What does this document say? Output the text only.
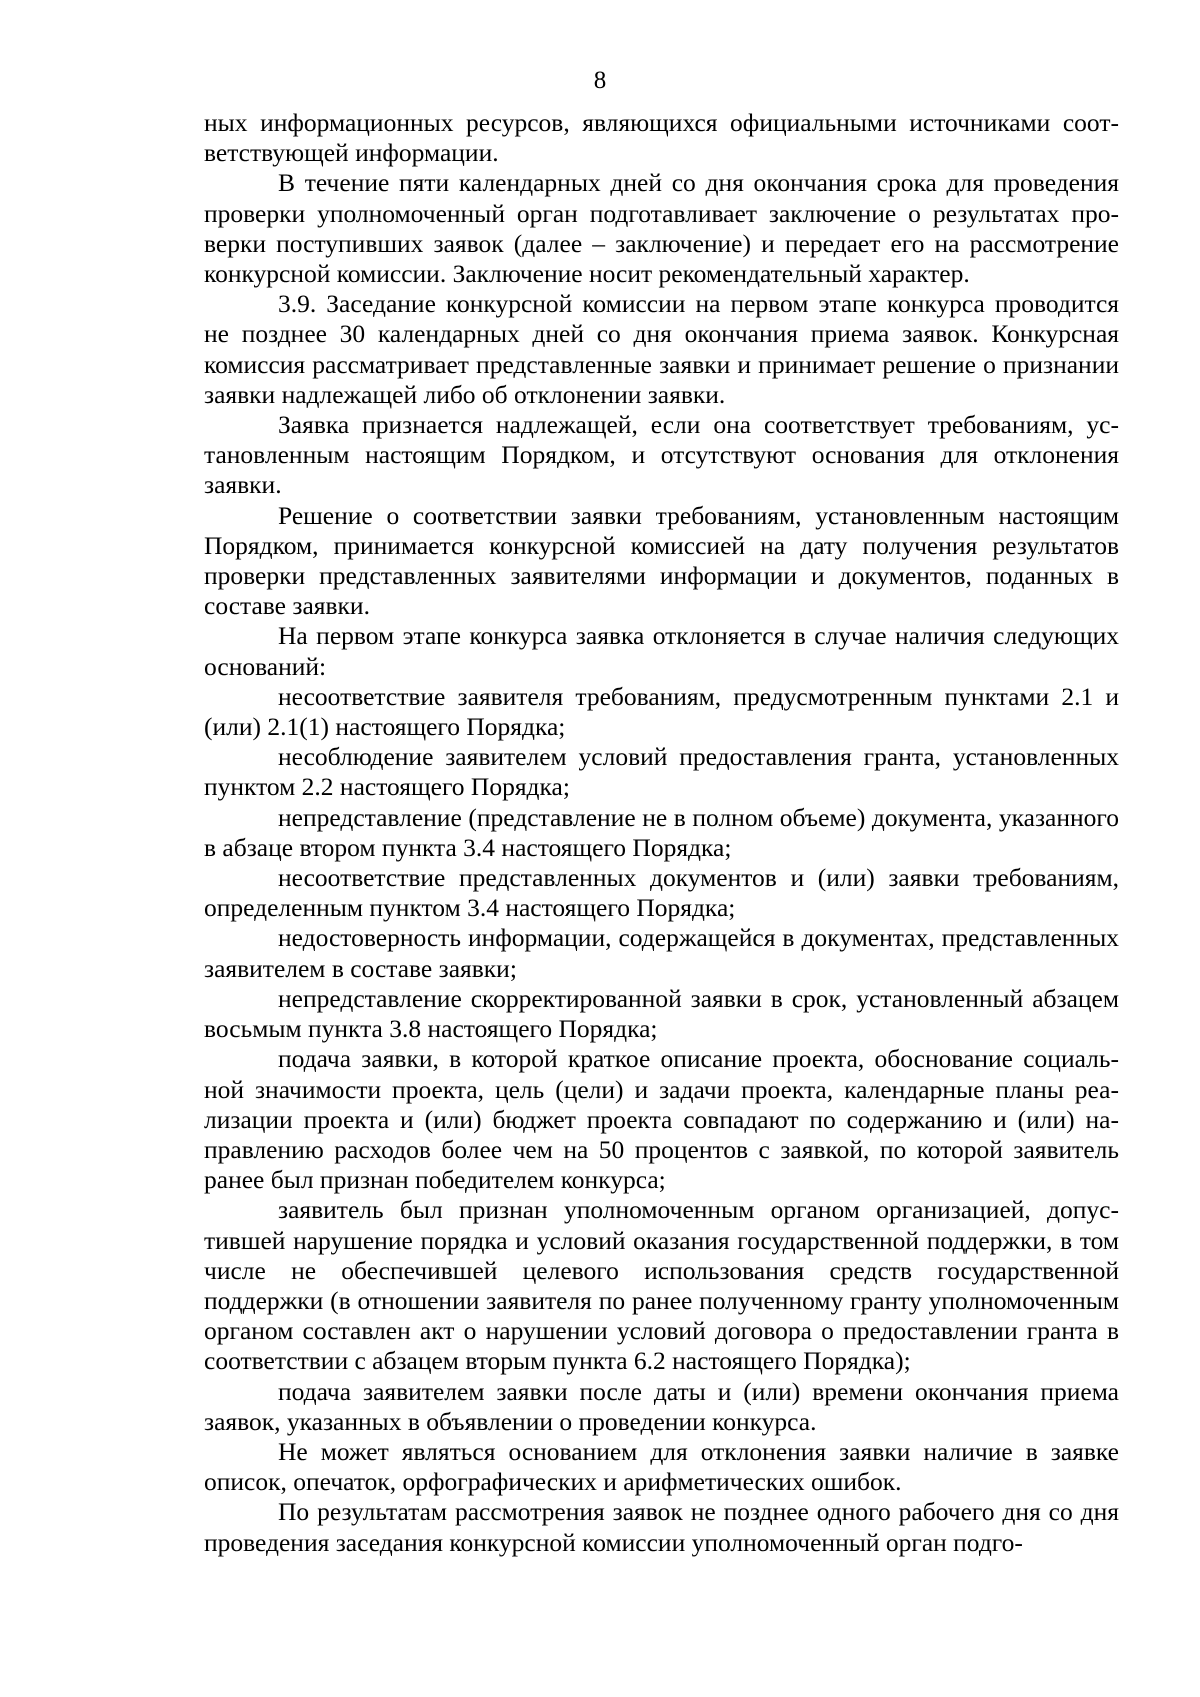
8

ных информационных ресурсов, являющихся официальными источниками соответствующей информации.

В течение пяти календарных дней со дня окончания срока для проведения проверки уполномоченный орган подготавливает заключение о результатах проверки поступивших заявок (далее – заключение) и передает его на рассмотрение конкурсной комиссии. Заключение носит рекомендательный характер.

3.9. Заседание конкурсной комиссии на первом этапе конкурса проводится не позднее 30 календарных дней со дня окончания приема заявок. Конкурсная комиссия рассматривает представленные заявки и принимает решение о признании заявки надлежащей либо об отклонении заявки.

Заявка признается надлежащей, если она соответствует требованиям, установленным настоящим Порядком, и отсутствуют основания для отклонения заявки.

Решение о соответствии заявки требованиям, установленным настоящим Порядком, принимается конкурсной комиссией на дату получения результатов проверки представленных заявителями информации и документов, поданных в составе заявки.

На первом этапе конкурса заявка отклоняется в случае наличия следующих оснований:

несоответствие заявителя требованиям, предусмотренным пунктами 2.1 и (или) 2.1(1) настоящего Порядка;

несоблюдение заявителем условий предоставления гранта, установленных пунктом 2.2 настоящего Порядка;

непредставление (представление не в полном объеме) документа, указанного в абзаце втором пункта 3.4 настоящего Порядка;

несоответствие представленных документов и (или) заявки требованиям, определенным пунктом 3.4 настоящего Порядка;

недостоверность информации, содержащейся в документах, представленных заявителем в составе заявки;

непредставление скорректированной заявки в срок, установленный абзацем восьмым пункта 3.8 настоящего Порядка;

подача заявки, в которой краткое описание проекта, обоснование социальной значимости проекта, цель (цели) и задачи проекта, календарные планы реализации проекта и (или) бюджет проекта совпадают по содержанию и (или) направлению расходов более чем на 50 процентов с заявкой, по которой заявитель ранее был признан победителем конкурса;

заявитель был признан уполномоченным органом организацией, допустившей нарушение порядка и условий оказания государственной поддержки, в том числе не обеспечившей целевого использования средств государственной поддержки (в отношении заявителя по ранее полученному гранту уполномоченным органом составлен акт о нарушении условий договора о предоставлении гранта в соответствии с абзацем вторым пункта 6.2 настоящего Порядка);

подача заявителем заявки после даты и (или) времени окончания приема заявок, указанных в объявлении о проведении конкурса.

Не может являться основанием для отклонения заявки наличие в заявке описок, опечаток, орфографических и арифметических ошибок.

По результатам рассмотрения заявок не позднее одного рабочего дня со дня проведения заседания конкурсной комиссии уполномоченный орган подго-
